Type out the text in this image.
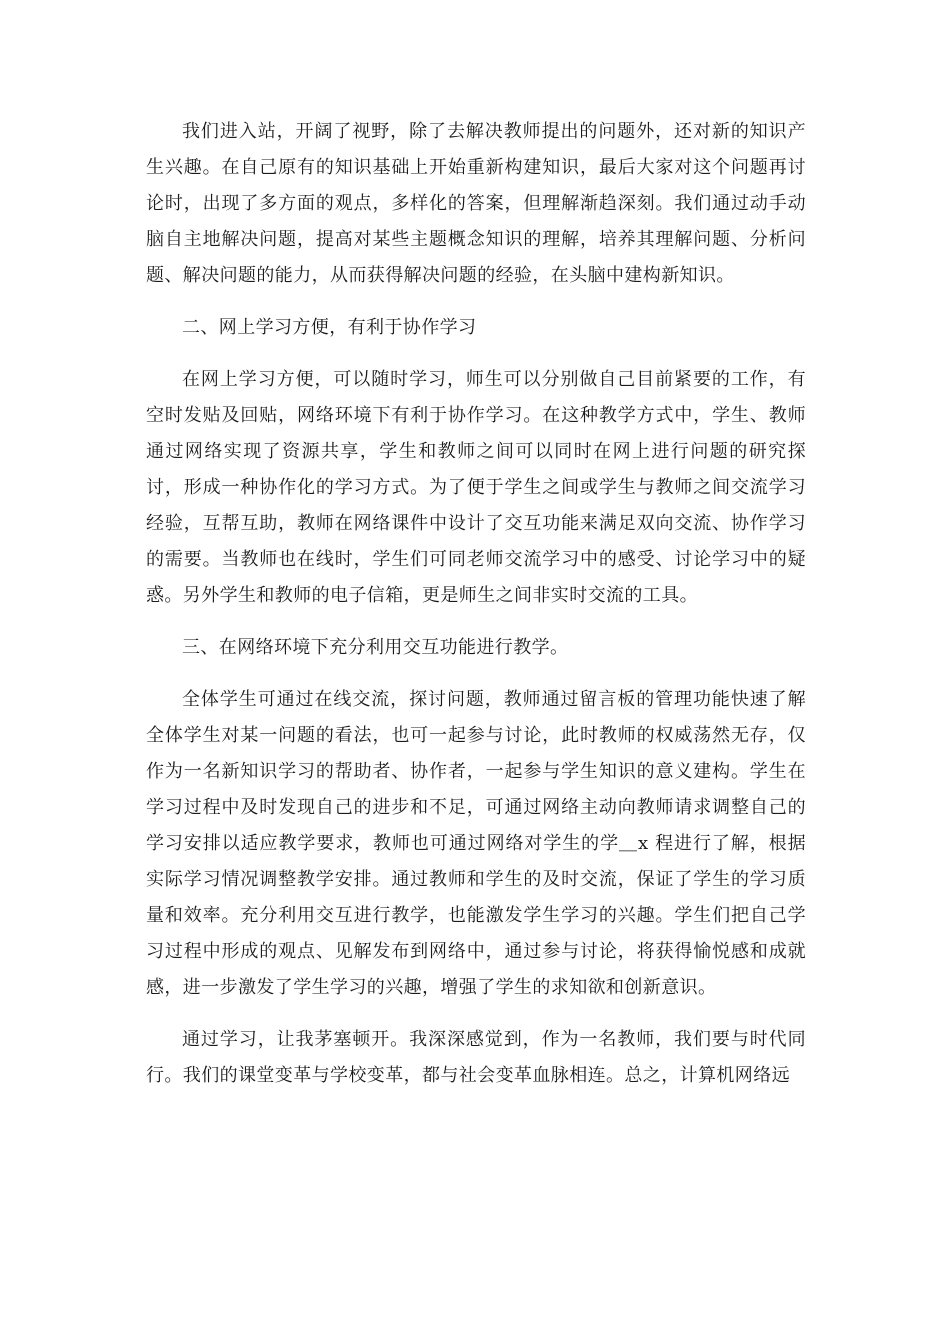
我们进入站，开阔了视野，除了去解决教师提出的问题外，还对新的知识产生兴趣。在自己原有的知识基础上开始重新构建知识，最后大家对这个问题再讨论时，出现了多方面的观点，多样化的答案，但理解渐趋深刻。我们通过动手动脑自主地解决问题，提高对某些主题概念知识的理解，培养其理解问题、分析问题、解决问题的能力，从而获得解决问题的经验，在头脑中建构新知识。

二、网上学习方便，有利于协作学习

在网上学习方便，可以随时学习，师生可以分别做自己目前紧要的工作，有空时发贴及回贴，网络环境下有利于协作学习。在这种教学方式中，学生、教师通过网络实现了资源共享，学生和教师之间可以同时在网上进行问题的研究探讨，形成一种协作化的学习方式。为了便于学生之间或学生与教师之间交流学习经验，互帮互助，教师在网络课件中设计了交互功能来满足双向交流、协作学习的需要。当教师也在线时，学生们可同老师交流学习中的感受、讨论学习中的疑惑。另外学生和教师的电子信箱，更是师生之间非实时交流的工具。

三、在网络环境下充分利用交互功能进行教学。

全体学生可通过在线交流，探讨问题，教师通过留言板的管理功能快速了解全体学生对某一问题的看法，也可一起参与讨论，此时教师的权威荡然无存，仅作为一名新知识学习的帮助者、协作者，一起参与学生知识的意义建构。学生在学习过程中及时发现自己的进步和不足，可通过网络主动向教师请求调整自己的学习安排以适应教学要求，教师也可通过网络对学生的学＿x 程进行了解，根据实际学习情况调整教学安排。通过教师和学生的及时交流，保证了学生的学习质量和效率。充分利用交互进行教学，也能激发学生学习的兴趣。学生们把自己学习过程中形成的观点、见解发布到网络中，通过参与讨论，将获得愉悦感和成就感，进一步激发了学生学习的兴趣，增强了学生的求知欲和创新意识。

通过学习，让我茅塞顿开。我深深感觉到，作为一名教师，我们要与时代同行。我们的课堂变革与学校变革，都与社会变革血脉相连。总之，计算机网络远
